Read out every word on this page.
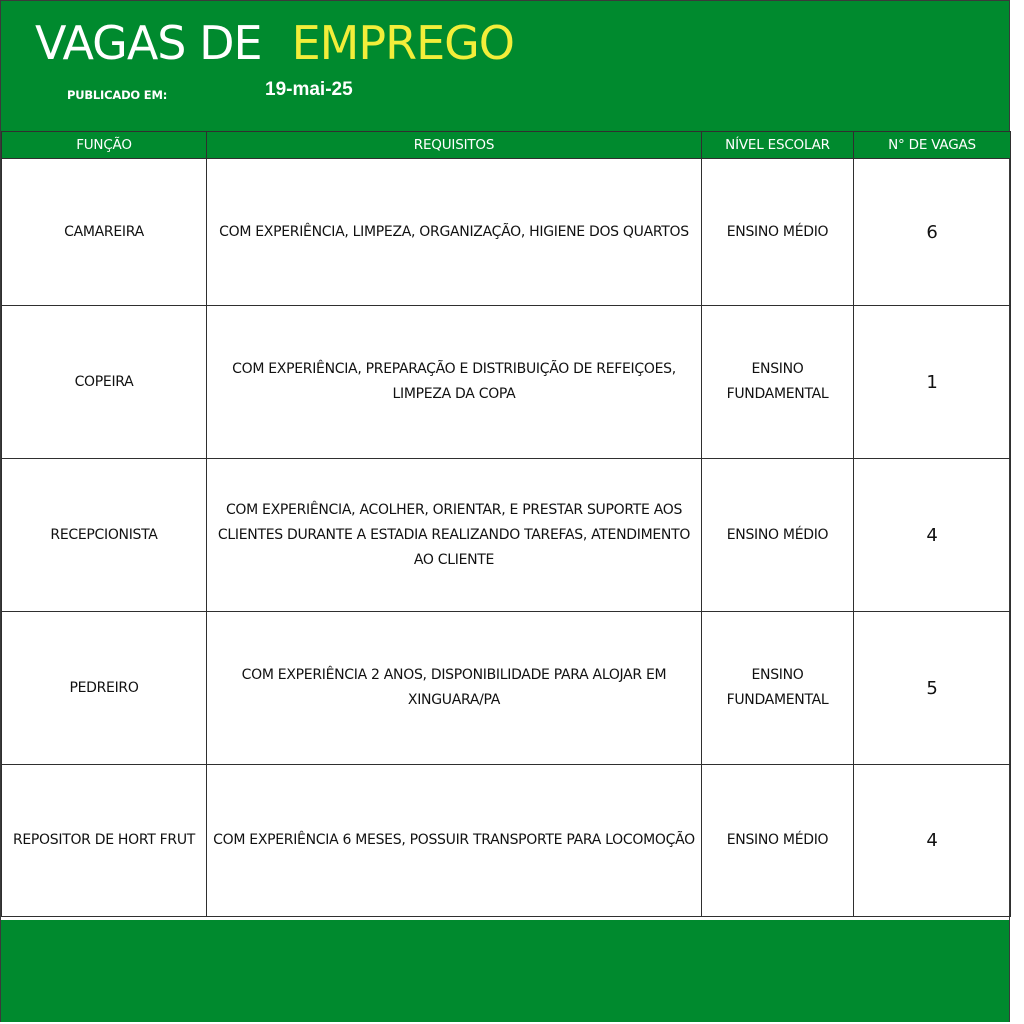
VAGAS DE EMPREGO
PUBLICADO EM:	19-mai-25
FUNÇÃO	REQUISITOS	NÍVEL ESCOLAR	N° DE VAGAS
CAMAREIRA	COM EXPERIÊNCIA, LIMPEZA, ORGANIZAÇÃO, HIGIENE DOS QUARTOS	ENSINO MÉDIO	6
COPEIRA	COM EXPERIÊNCIA, PREPARAÇÃO E DISTRIBUIÇÃO DE REFEIÇOES, LIMPEZA DA COPA	ENSINO FUNDAMENTAL	1
RECEPCIONISTA	COM EXPERIÊNCIA, ACOLHER, ORIENTAR, E PRESTAR SUPORTE AOS CLIENTES DURANTE A ESTADIA REALIZANDO TAREFAS, ATENDIMENTO AO CLIENTE	ENSINO MÉDIO	4
PEDREIRO	COM EXPERIÊNCIA 2 ANOS, DISPONIBILIDADE PARA ALOJAR EM XINGUARA/PA	ENSINO FUNDAMENTAL	5
REPOSITOR DE HORT FRUT	COM EXPERIÊNCIA 6 MESES, POSSUIR TRANSPORTE PARA LOCOMOÇÃO	ENSINO MÉDIO	4
